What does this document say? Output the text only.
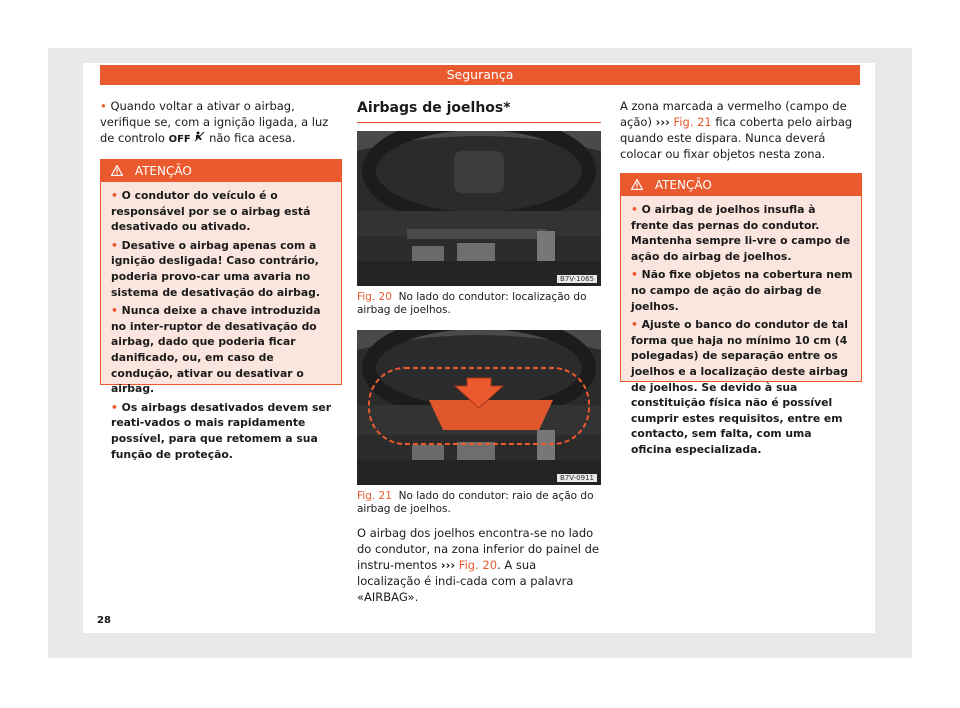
Segurança

• Quando voltar a ativar o airbag, verifique se, com a ignição ligada, a luz de controlo OFF  não fica acesa.

ATENÇÃO

• O condutor do veículo é o responsável por se o airbag está desativado ou ativado.

• Desative o airbag apenas com a ignição desligada! Caso contrário, poderia provo-car uma avaria no sistema de desativação do airbag.

• Nunca deixe a chave introduzida no inter-ruptor de desativação do airbag, dado que poderia ficar danificado, ou, em caso de condução, ativar ou desativar o airbag.

• Os airbags desativados devem ser reati-vados o mais rapidamente possível, para que retomem a sua função de proteção.

Airbags de joelhos*
B7V-1065
Fig. 20 No lado do condutor: localização do airbag de joelhos.
B7V-0911
Fig. 21 No lado do condutor: raio de ação do airbag de joelhos.

O airbag dos joelhos encontra-se no lado do condutor, na zona inferior do painel de instru-mentos ››› Fig. 20. A sua localização é indi-cada com a palavra «AIRBAG».

A zona marcada a vermelho (campo de ação) ››› Fig. 21 fica coberta pelo airbag quando este dispara. Nunca deverá colocar ou fixar objetos nesta zona.

ATENÇÃO

• O airbag de joelhos insufla à frente das pernas do condutor. Mantenha sempre li-vre o campo de ação do airbag de joelhos.

• Não fixe objetos na cobertura nem no campo de ação do airbag de joelhos.

• Ajuste o banco do condutor de tal forma que haja no mínimo 10 cm (4 polegadas) de separação entre os joelhos e a localização deste airbag de joelhos. Se devido à sua constituição física não é possível cumprir estes requisitos, entre em contacto, sem falta, com uma oficina especializada.

28
